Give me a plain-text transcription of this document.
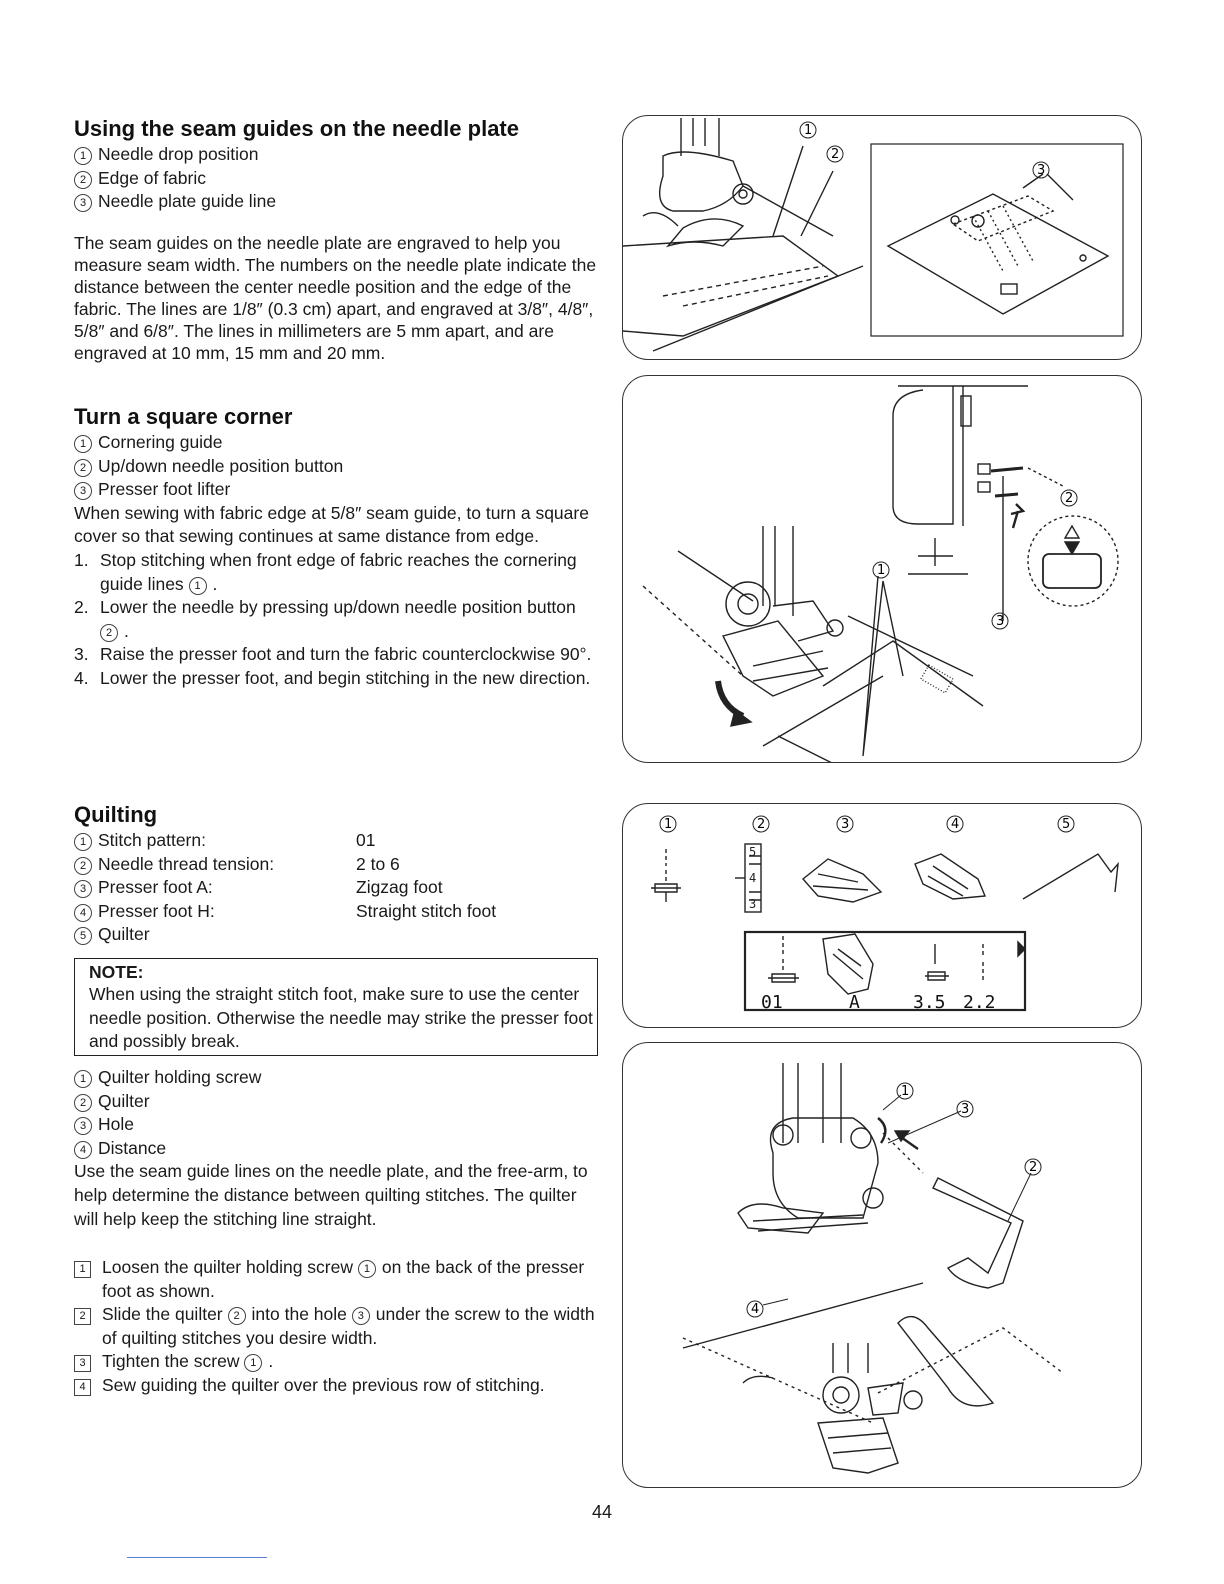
Using the seam guides on the needle plate
1 Needle drop position
2 Edge of fabric
3 Needle plate guide line

The seam guides on the needle plate are engraved to help you measure seam width. The numbers on the needle plate indicate the distance between the center needle position and the edge of the fabric. The lines are 1/8″ (0.3 cm) apart, and engraved at 3/8″, 4/8″, 5/8″ and 6/8″. The lines in millimeters are 5 mm apart, and are engraved at 10 mm, 15 mm and 20 mm.

Turn a square corner
1 Cornering guide
2 Up/down needle position button
3 Presser foot lifter

When sewing with fabric edge at 5/8″ seam guide, to turn a square cover so that sewing continues at same distance from edge.

1. Stop stitching when front edge of fabric reaches the cornering guide lines 1 .
2. Lower the needle by pressing up/down needle position button 2 .
3. Raise the presser foot and turn the fabric counterclockwise 90°.
4. Lower the presser foot, and begin stitching in the new direction.
Quilting
1 Stitch pattern:	01
2 Needle thread tension:	2 to 6
3 Presser foot A:	Zigzag foot
4 Presser foot H:	Straight stitch foot
5 Quilter
NOTE:

When using the straight stitch foot, make sure to use the center needle position. Otherwise the needle may strike the presser foot and possibly break.

1 Quilter holding screw
2 Quilter
3 Hole
4 Distance

Use the seam guide lines on the needle plate, and the free-arm, to help determine the distance between quilting stitches. The quilter will help keep the stitching line straight.

1 Loosen the quilter holding screw 1 on the back of the presser foot as shown.
2 Slide the quilter 2 into the hole 3 under the screw to the width of quilting stitches you desire width.
3 Tighten the screw 1 .
4 Sew guiding the quilter over the previous row of stitching.
1
2
3
1
2
3
1	2	3	4	5
5
4
3
01	A	3.5 2.2
1
2
3
4
44
